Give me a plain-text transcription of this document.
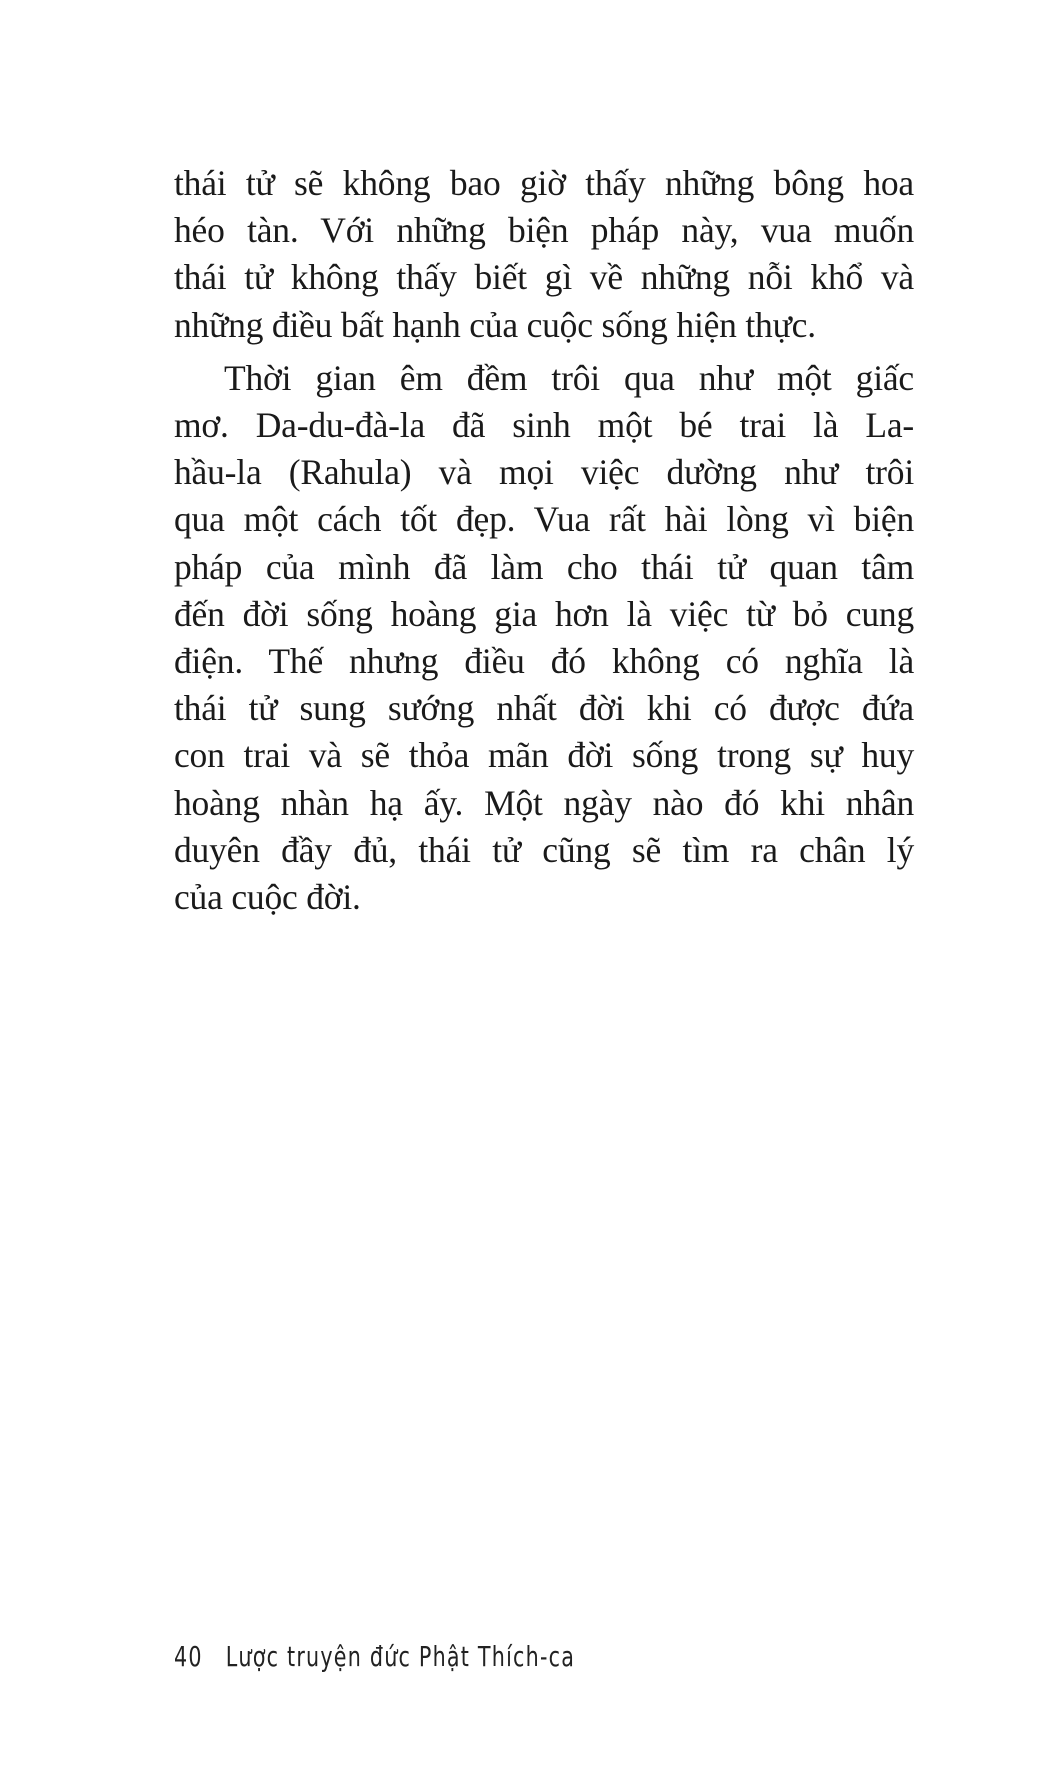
thái tử sẽ không bao giờ thấy những bông hoa
héo tàn. Với những biện pháp này, vua muốn
thái tử không thấy biết gì về những nỗi khổ và
những điều bất hạnh của cuộc sống hiện thực.

Thời gian êm đềm trôi qua như một giấc
mơ. Da-du-đà-la đã sinh một bé trai là La-
hầu-la (Rahula) và mọi việc dường như trôi
qua một cách tốt đẹp. Vua rất hài lòng vì biện
pháp của mình đã làm cho thái tử quan tâm
đến đời sống hoàng gia hơn là việc từ bỏ cung
điện. Thế nhưng điều đó không có nghĩa là
thái tử sung sướng nhất đời khi có được đứa
con trai và sẽ thỏa mãn đời sống trong sự huy
hoàng nhàn hạ ấy. Một ngày nào đó khi nhân
duyên đầy đủ, thái tử cũng sẽ tìm ra chân lý
của cuộc đời.

40 Lược truyện đức Phật Thích-ca
